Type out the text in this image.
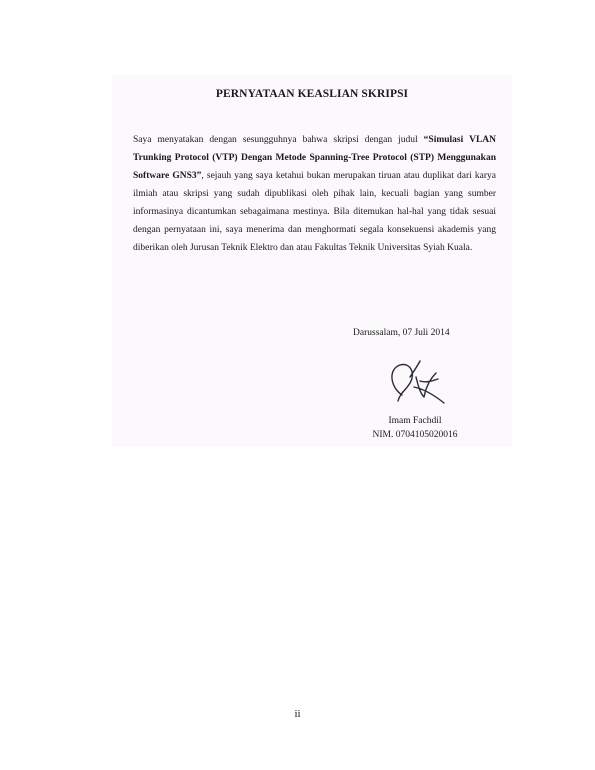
PERNYATAAN KEASLIAN SKRIPSI
Saya menyatakan dengan sesungguhnya bahwa skripsi dengan judul “Simulasi VLAN Trunking Protocol (VTP) Dengan Metode Spanning-Tree Protocol (STP) Menggunakan Software GNS3”, sejauh yang saya ketahui bukan merupakan tiruan atau duplikat dari karya ilmiah atau skripsi yang sudah dipublikasi oleh pihak lain, kecuali bagian yang sumber informasinya dicantumkan sebagaimana mestinya. Bila ditemukan hal-hal yang tidak sesuai dengan pernyataan ini, saya menerima dan menghormati segala konsekuensi akademis yang diberikan oleh Jurusan Teknik Elektro dan atau Fakultas Teknik Universitas Syiah Kuala.
Darussalam, 07 Juli 2014
Imam Fachdil
NIM. 0704105020016
ii
